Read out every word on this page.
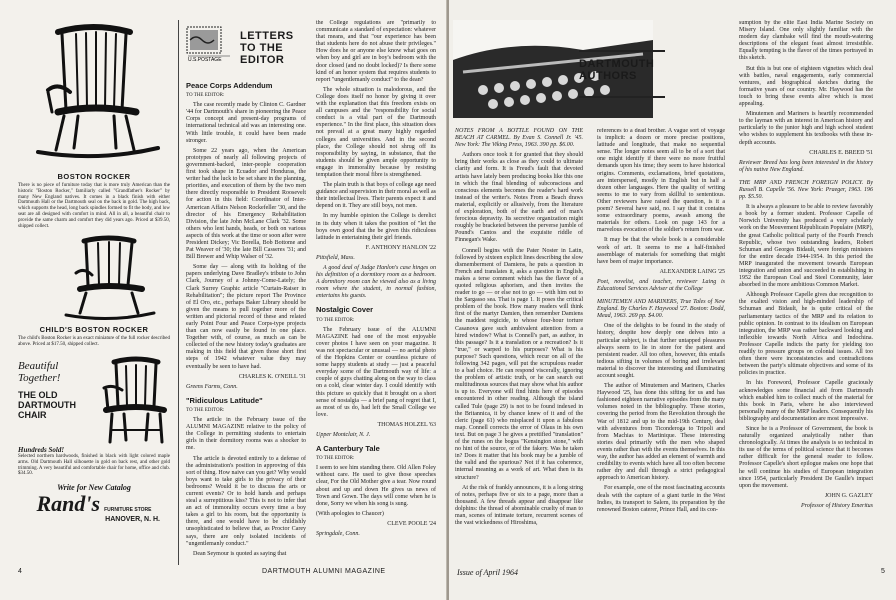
BOSTON ROCKER
There is no piece of furniture today that is more truly American than the historic "Boston Rocker," familiarly called "Grandfather's Rocker" by many New England natives. It comes in a black finish with either Dartmouth Hall or the Dartmouth seal on the back in gold. The high back, which supports the head, long back spindles formed to fit the body, and low seat are all designed with comfort in mind. All in all, a beautiful chair to provide the same charm and comfort they did years ago. Priced at $39.50, shipped collect.
CHILD'S BOSTON ROCKER
The child's Boston Rocker is an exact miniature of the full rocker described above. Priced at $17.50, shipped collect.
Beautiful Together!
THE OLD
DARTMOUTH
CHAIR
Hundreds Sold!
Selected northern hardwoods, finished in black with light colored maple arms. Old Dartmouth Hall silhouette in gold on back rest, and other gold trimming. A very beautiful and comfortable chair for home, office and club. $34.50.
Write for New Catalog
Rand's FURNITURE STORE
HANOVER, N. H.
U.S.POSTAGE
LETTERS TO THE EDITOR
Peace Corps Addendum

TO THE EDITOR:

The case recently made by Clinton C. Gardner '44 for Dartmouth's share in pioneering the Peace Corps concept and present-day programs of international technical aid was an interesting one. With little trouble, it could have been made stronger.

Some 22 years ago, when the American prototypes of nearly all following projects of government-backed, inter-people cooperation first took shape in Ecuador and Honduras, the writer had the luck to be set share in the planning, priorities, and execution of them by the two men there directly responsible to President Roosevelt for action in this field: Coordinator of Inter-American Affairs Nelson Rockefeller '30, and the director of his Emergency Rehabilitation Division, the late John McLane Clark '32. Some others who lent hands, heads, or both on various aspects of this work at the time or soon after were President Dickey; Vic Borella, Bob Bottome and Pat Weaver of '30; the late Bill Casseres '31; and Bill Brewer and Whip Walser of '32.

Some day — along with its holding of the papers underlying Dave Bradley's tribute to John Clark, Journey of a Johnny-Come-Lately; the Clark Surrey Graphic article "Curtain-Raiser in Rehabilitation"; the picture report The Province of El Oro, etc., perhaps Baker Library should be given the means to pull together more of the written and pictorial record of these and related early Point Four and Peace Corps-type projects than can now easily be found in one place. Together with, of course, as much as can be collected of the new history today's graduates are making in this field that given those short first steps of 1942 whatever value they may eventually be seen to have had.

CHARLES K. O'NEILL '31

Greens Farms, Conn.

"Ridiculous Latitude"

TO THE EDITOR:

The article in the February issue of the ALUMNI MAGAZINE relative to the policy of the College in permitting students to entertain girls in their dormitory rooms was a shocker to me.

The article is devoted entirely to a defense of the administration's position in approving of this sort of thing. How naive can you get? Why would boys want to take girls to the privacy of their bedrooms? Would it be to discuss the arts or current events? Or to hold hands and perhaps steal a surreptitious kiss? This is not to infer that an act of immorality occurs every time a boy takes a girl to his room, but the opportunity is there, and one would have to be childishly unsophisticated to believe that, as Proctor Carey says, there are only isolated incidents of "ungentlemanly conduct."

Dean Seymour is quoted as saying that

the College regulations are "primarily to communicate a standard of expectation: whatever that means, and that "our experience has been that students here do not abuse their privileges." How does he or anyone else know what goes on when boy and girl are in boy's bedroom with the door closed (and no doubt locked)? Is there some kind of an honor system that requires students to report "ungentlemanly conduct" to the dean?

The whole situation is malodorous, and the College does itself no honor by giving it over with the explanation that this freedom exists on all campuses and the "responsibility for social conduct is a vital part of the Dartmouth experience." In the first place, this situation does not prevail at a great many highly regarded colleges and universities. And in the second place, the College should not shrug off its responsibility by saying, in substance, that the students should be given ample opportunity to engage in immorality because by resisting temptation their moral fibre is strengthened.

The plain truth is that boys of college age need guidance and supervision in their moral as well as their intellectual lives. Their parents expect it and depend on it. They are still boys, not men.

In my humble opinion the College is derelict in its duty when it takes the position of "let the boys own good that the be given this ridiculous latitude in entertaining their girl friends.

F. ANTHONY HANLON '22

Pittsfield, Mass.

A good deal of Judge Hanlon's case hinges on his definition of a dormitory room as a bedroom. A dormitory room can be viewed also as a living room where the student, in normal fashion, entertains his guests.

Nostalgic Cover

TO THE EDITOR:

The February issue of the ALUMNI MAGAZINE had one of the most enjoyable cover photos I have seen on your magazine. It was not spectacular or unusual — no aerial photo of the Hopkins Center or countless picture of some happy students at study — just a peaceful everyday scene of the Dartmouth way of life: a couple of guys chatting along on the way to class on a cold, clear winter day. I could identify with this picture so quickly that it brought on a short sense of nostalgia — a brief pang of regret that I, as most of us do, had left the Small College we love.

THOMAS HOLZEL '63

Upper Montclair, N. J.

A Canterbury Tale

TO THE EDITOR:

I seem to see him standing there. Old Allen Foley without care. He used to give those speeches clear, For the Old Mother give a tear. Now round about and up and down He gives us news of Town and Gown. The days will come when he is done, Sorry we when his song is sung.

(With apologies to Chaucer)

CLEVE POOLE '24

Springdale, Conn.

4	DARTMOUTH ALUMNI MAGAZINE
DARTMOUTH AUTHORS

NOTES FROM A BOTTLE FOUND ON THE BEACH AT CARMEL. By Evan S. Connell Jr. '45. New York: The Viking Press, 1963. 390 pp. $6.00.

Authors once took it for granted that they should bring their works as close as they could to ultimate clarity and form. It is Freud's fault that devoted artists have lately been producing books like this one in which the final blending of subconscious and conscious elements becomes the reader's hard work instead of the writer's. Notes From a Beach draws material, explicitly or allusively, from the literature of exploration, both of the earth and of man's ferocious depravity. Its secretive organization might roughly be bracketed between the perverse jumble of Pound's Cantos and the exquisite riddle of Finnegan's Wake.

Connell begins with the Pater Noster in Latin, followed by sixteen explicit lines describing the slow dismemberment of Damiens, he puts a question in French and translates it, asks a question in English, makes a terse comment which has the flavor of a quoted religious aphorism, and then invites the reader to go — or else not to go — with him out to the Sargasso sea. That is page 1. It poses the critical problem of the book. How many readers will think first of the martyr Damien, then remember Damiens the maddest regicide, to whose four-hour torture Casanova gave such ambivalent attention from a hired window? What is Connell's part, as author, in this passage? Is it a translation or a recreation? Is it "true," or warped to his purposes? What is his purpose? Such questions, which recur on all of the following 342 pages, will put the scrupulous reader to a bad choice. He can respond viscerally, ignoring the problem of artistic truth, or he can search out multitudinous sources that may show what his author is up to. Everyone will find hints here of episodes encountered in other reading. Although the island called Tule (page 29) is not to be found indexed in the Britannica, it by chance knew of it and of the cleric (page 61) who misplaced it upon a fabulous map. Connell corrects the error of Olaus in his own text. But on page 3 he gives a prettified "translation" of the runes on the bogus "Kensington stone," with no hint of the source, or of the fakery. Was he taken in? Does it matter that his book may be a jumble of the valid and the spurious? Not if it has coherence, internal meaning as a work of art. What then is its structure?

At the risk of frankly announces, it is a long string of notes, perhaps five or six to a page, more than a thousand. A few threads appear and disappear like dolphins: the thread of abominable cruelty of man to man, scenes of intimate torture, recurrent scenes of the vast wickedness of Hiroshima,

references to a dead brother. A vague sort of voyage is implicit: a dozen or more precise positions, latitude and longitude, that make no sequential sense. The longer notes seem all to be of a sort that one might identify if there were no more fruitful demands upon his time; they seem to have historical origins. Comments, exclamations, brief quotations, are interspersed, mostly in English but in half a dozen other languages. Here the quality of writing seems to me to vary from skillful to sententious. Other reviewers have raised the question, is it a poem? Several have said, no. I say that it contains some extraordinary poems, awash among the materials for others. Look on page 143 for a marvelous evocation of the soldier's return from war.

It may be that the whole book is a considerable work of art. It seems to me a half-finished assemblage of materials for something that might have been of major importance.

ALEXANDER LAING '25

Poet, novelist, and teacher, reviewer Laing is Educational Services Adviser at the College

MINUTEMEN AND MARINERS, True Tales of New England. By Charles F. Haywood '27. Boston: Dodd, Mead, 1963. 269 pp. $4.00.

One of the delights to be found in the study of history, despite how deeply one delves into a particular subject, is that further untapped pleasures always seem to lie in store for the patient and persistent reader. All too often, however, this entails tedious sifting in volumes of boring and irrelevant material to discover the interesting and illuminating account sought.

The author of Minutemen and Mariners, Charles Haywood '25, has done this sifting for us and has fashioned eighteen narrative episodes from the many volumes noted in the bibliography. These stories, covering the period from the Revolution through the War of 1812 and up to the mid-19th Century, deal with adventures from Ticonderoga to Tripoli and from Machias to Martinique. These interesting stories deal primarily with the men who shaped events rather than with the events themselves. In this way, the author has added an element of warmth and credibility to events which have all too often become rather dry and dull through a strict pedagogical approach to American history.

For example, one of the most fascinating accounts deals with the capture of a giant turtle in the West Indies, its transport to Salem, its preparation by the renowned Boston caterer, Prince Hall, and its con-

sumption by the elite East India Marine Society on Misery Island. One only slightly familiar with the modern day clambake will find the mouth-watering descriptions of the elegant feast almost irresistible. Equally tempting is the flavor of the times portrayed in this sketch.

But this is but one of eighteen vignettes which deal with battles, naval engagements, early commercial ventures, and biographical sketches during the formative years of our country. Mr. Haywood has the touch to bring these events alive which is most appealing.

Minutemen and Mariners is heartily recommended to the layman with an interest in American history and particularly to the junior high and high school student who wishes to supplement his textbooks with these in-depth accounts.

CHARLES E. BREED '51

Reviewer Breed has long been interested in the history of his native New England.

THE MRP AND FRENCH FOREIGN POLICY. By Russell B. Capelle '56. New York: Praeger, 1963. 196 pp. $5.50.

It is always a pleasure to be able to review favorably a book by a former student. Professor Capelle of Norwich University has produced a very scholarly work on the Mouvement Républicain Populaire (MRP), the great Catholic political party of the Fourth French Republic, whose two outstanding leaders, Robert Schuman and Georges Bidault, were foreign ministers for the entire decade 1944-1954. In this period the MRP inaugurated the movement towards European integration and union and succeeded in establishing in 1952 the European Coal and Steel Community, later absorbed in the more ambitious Common Market.

Although Professor Capelle gives due recognition to the exalted vision and high-minded leadership of Schuman and Bidault, he is quite critical of the parliamentary tactics of the MRP and its relation to public opinion. In contrast to its idealism on European integration, the MRP was rather backward looking and inflexible towards North Africa and Indochina. Professor Capelle indicts the party for yielding too readily to pressure groups on colonial issues. All too often there were inconsistencies and contradictions between the party's ultimate objectives and some of its policies in practice.

In his Foreword, Professor Capelle graciously acknowledges some financial aid from Dartmouth which enabled him to collect much of the material for this book in Paris, where he also interviewed personally many of the MRP leaders. Consequently his bibliography and documentation are most impressive.

Since he is a Professor of Government, the book is naturally organized analytically rather than chronologically. At times the analysis is so technical in its use of the terms of political science that it becomes rather difficult for the general reader to follow. Professor Capelle's short epilogue makes one hope that he will continue his studies of European integration since 1954, particularly President De Gaulle's impact upon the movement.

JOHN G. GAZLEY

Professor of History Emeritus

Issue of April 1964	5
